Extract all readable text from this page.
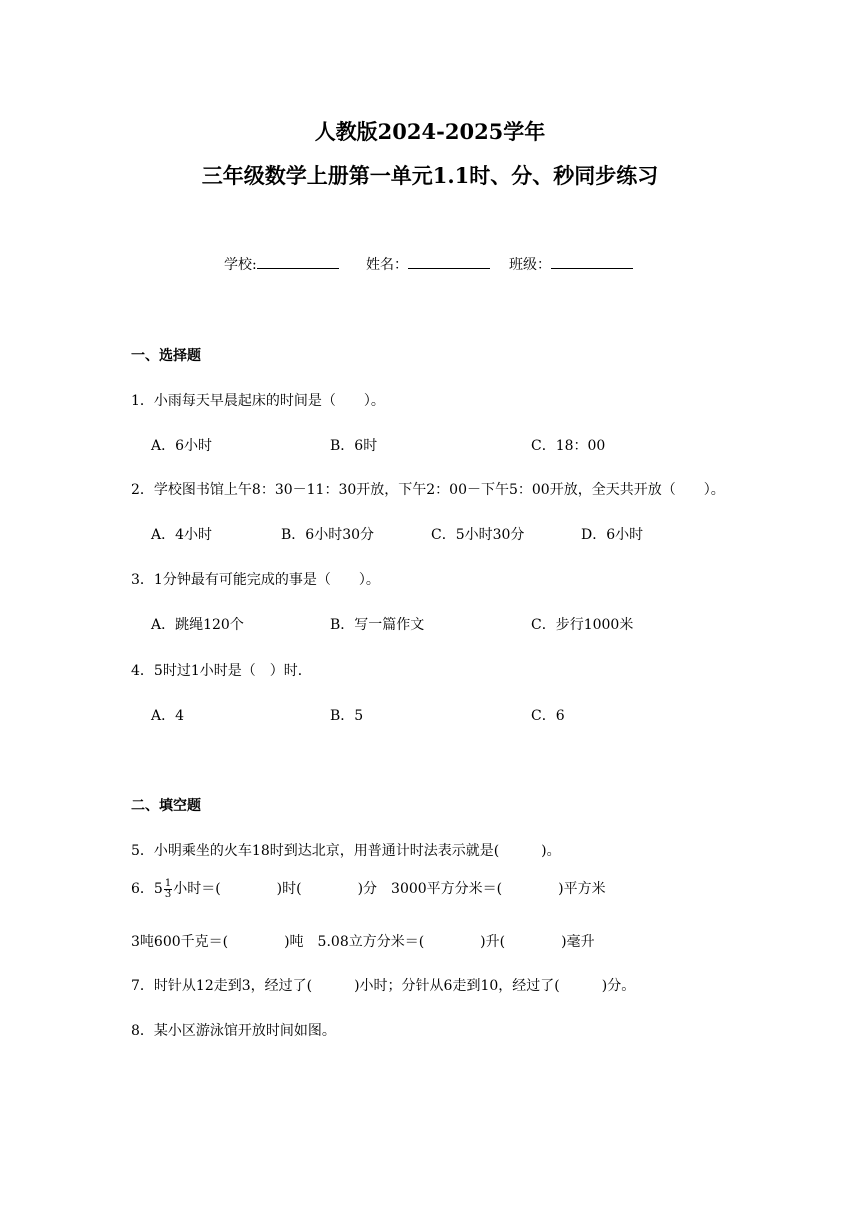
人教版2024-2025学年
三年级数学上册第一单元1.1时、分、秒同步练习
学校:	姓名：	班级：
一、选择题
1．小雨每天早晨起床的时间是（　　）。
A．6小时	B．6时	C．18：00
2．学校图书馆上午8：30－11：30开放，下午2：00－下午5：00开放，全天共开放（　　）。
A．4小时	B．6小时30分	C．5小时30分	D．6小时
3．1分钟最有可能完成的事是（　　）。
A．跳绳120个	B．写一篇作文	C．步行1000米
4．5时过1小时是（　）时．
A．4	B．5	C．6
二、填空题
5．小明乘坐的火车18时到达北京，用普通计时法表示就是(　　　)。
6．$5 \frac{1}{3}$ 小时＝(　　　　)时(　　　　)分　3000平方分米＝(　　　　)平方米
3吨600千克＝(　　　　)吨　5.08立方分米＝(　　　　)升(　　　　)毫升
7．时针从12走到3，经过了(　　　)小时；分针从6走到10，经过了(　　　)分。
8．某小区游泳馆开放时间如图。
